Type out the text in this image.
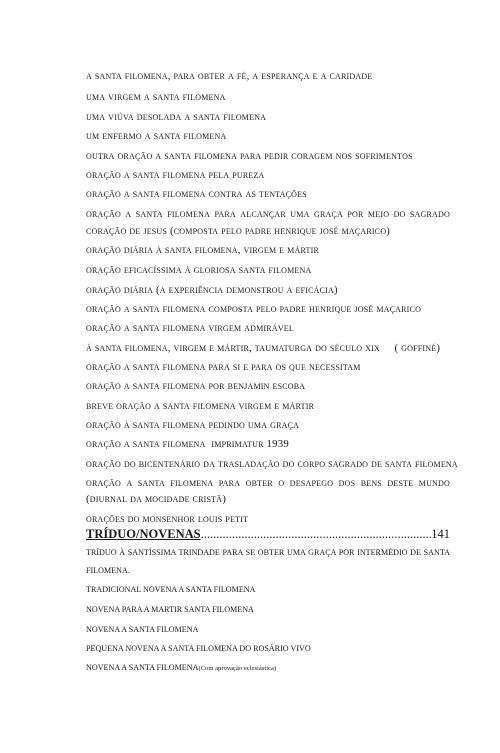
a santa filomena, para obter a fé, a esperança e a caridade
uma virgem a santa filomena
uma viúva desolada a santa filomena
um enfermo a santa filomena
outra oração a santa filomena para pedir coragem nos sofrimentos
oração a santa filomena pela pureza
oração a santa filomena contra as tentações
oração a santa filomena para alcançar uma graça por meio do sagrado
coração de jesus (composta pelo padre henrique josé maçarico)
oração diária à santa filomena, virgem e mártir
oração eficacíssima à gloriosa santa filomena
oração diária (a experiência demonstrou a eficácia)
oração a santa filomena composta pelo padre henrique josé maçarico
oração a santa filomena virgem admirável
á santa filomena, virgem e mártir, taumaturga do século xix     ( goffiné)
oração a santa filomena para si e para os que necessitam
oração a santa filomena por benjamin escoba
breve oração a santa filomena virgem e mártir
oração à santa filomena pedindo uma graça
oração a santa filomena  imprimatur 1939
oração do bicentenário da trasladação do corpo sagrado de santa filomena
oração a santa filomena para obter o desapego dos bens deste mundo
(diurnal da mocidade cristã)
orações do monsenhor louis petit
TRÍDUO/NOVENAS
.....	141
TRÍDUO À SANTÍSSIMA TRINDADE PARA SE OBTER UMA GRAÇA POR INTERMÉDIO DE SANTA
FILOMENA.
TRADICIONAL NOVENA A SANTA FILOMENA
NOVENA PARA A MARTIR SANTA FILOMENA
NOVENA A SANTA FILOMENA
PEQUENA NOVENA A SANTA FILOMENA DO ROSÁRIO VIVO
NOVENA A SANTA FILOMENA(Com aprovação eclesiástica)
